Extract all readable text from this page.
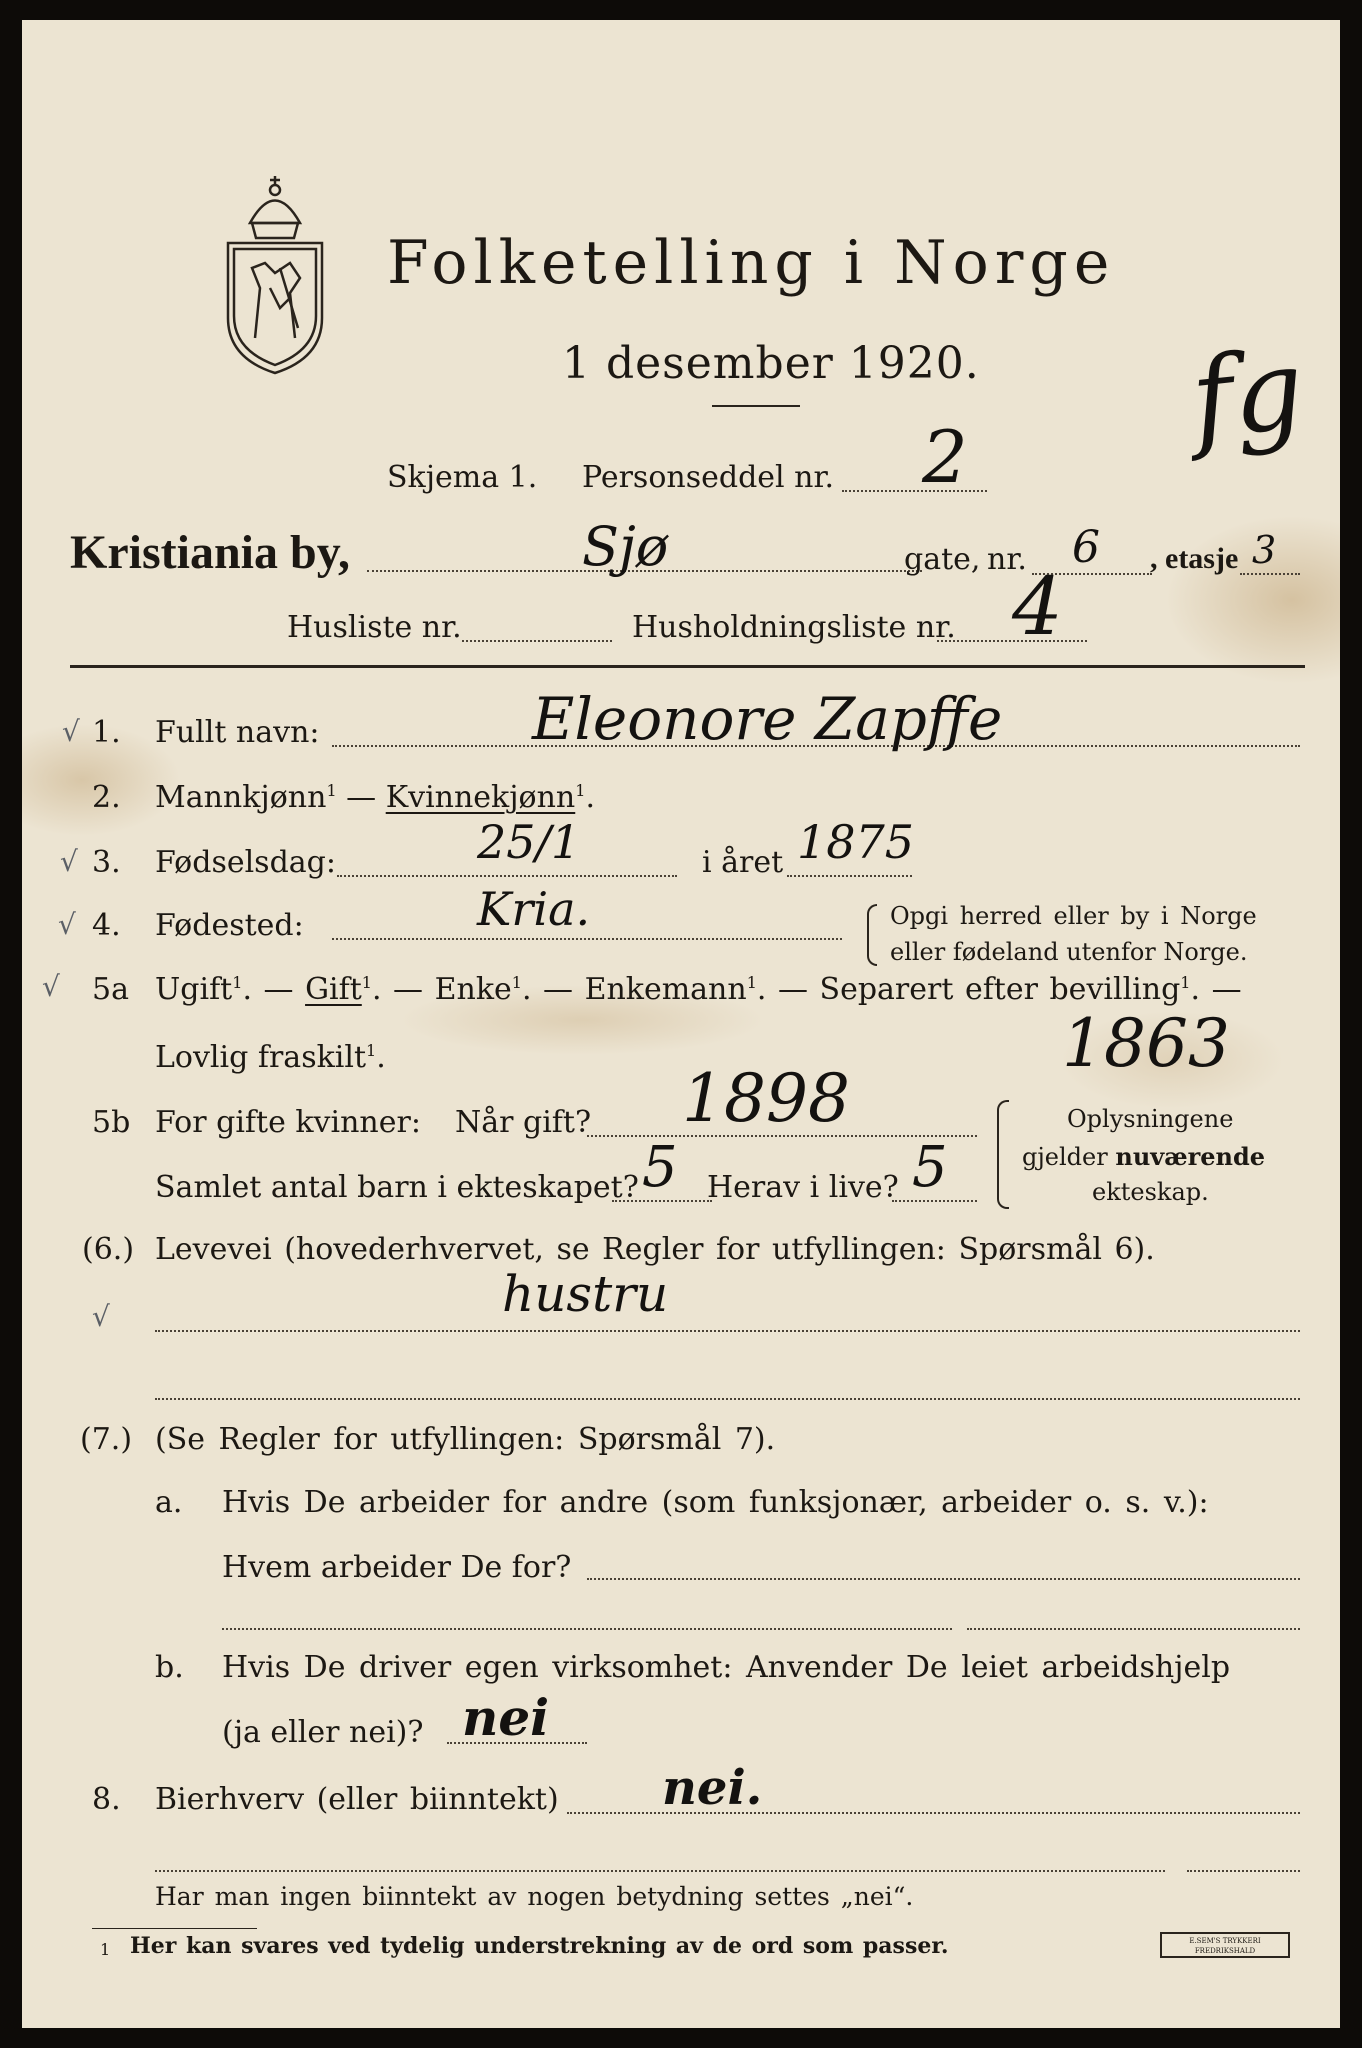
Folketelling i Norge
1 desember 1920.
Skjema 1. Personseddel nr. 2 fg
Kristiania by,	Sjø	gate, nr. 6 , etasje 3
Husliste nr.	Husholdningsliste nr. 4
√ 1. Fullt navn:	Eleonore Zapffe
2. Mannkjønn$^1$ — Kvinnekjønn$^1$.
√ 3. Fødselsdag:	25/1	i året 1875
√ 4. Fødested:	Kria.	Opgi herred eller by i Norge
eller fødeland utenfor Norge.
√ 5a Ugift$^1$. — Gift$^1$. — Enke$^1$. — Enkemann$^1$. — Separert efter bevilling$^1$. —
Lovlig fraskilt$^1$.	1863
5b For gifte kvinner: Når gift? 1898
Samlet antal barn i ekteskapet? 5 Herav i live? 5
Oplysningene
gjelder nuværende
ekteskap.
(6.) Levevei (hovederhvervet, se Regler for utfyllingen: Spørsmål 6).
√	hustru
(7.) (Se Regler for utfyllingen: Spørsmål 7).
a. Hvis De arbeider for andre (som funksjonær, arbeider o. s. v.):
Hvem arbeider De for?
b. Hvis De driver egen virksomhet: Anvender De leiet arbeidshjelp
(ja eller nei)? nei
8. Bierhverv (eller biinntekt) nei.
Har man ingen biinntekt av nogen betydning settes „nei“.
1 Her kan svares ved tydelig understrekning av de ord som passer.	E.SEM'S TRYKKERI
FREDRIKSHALD
